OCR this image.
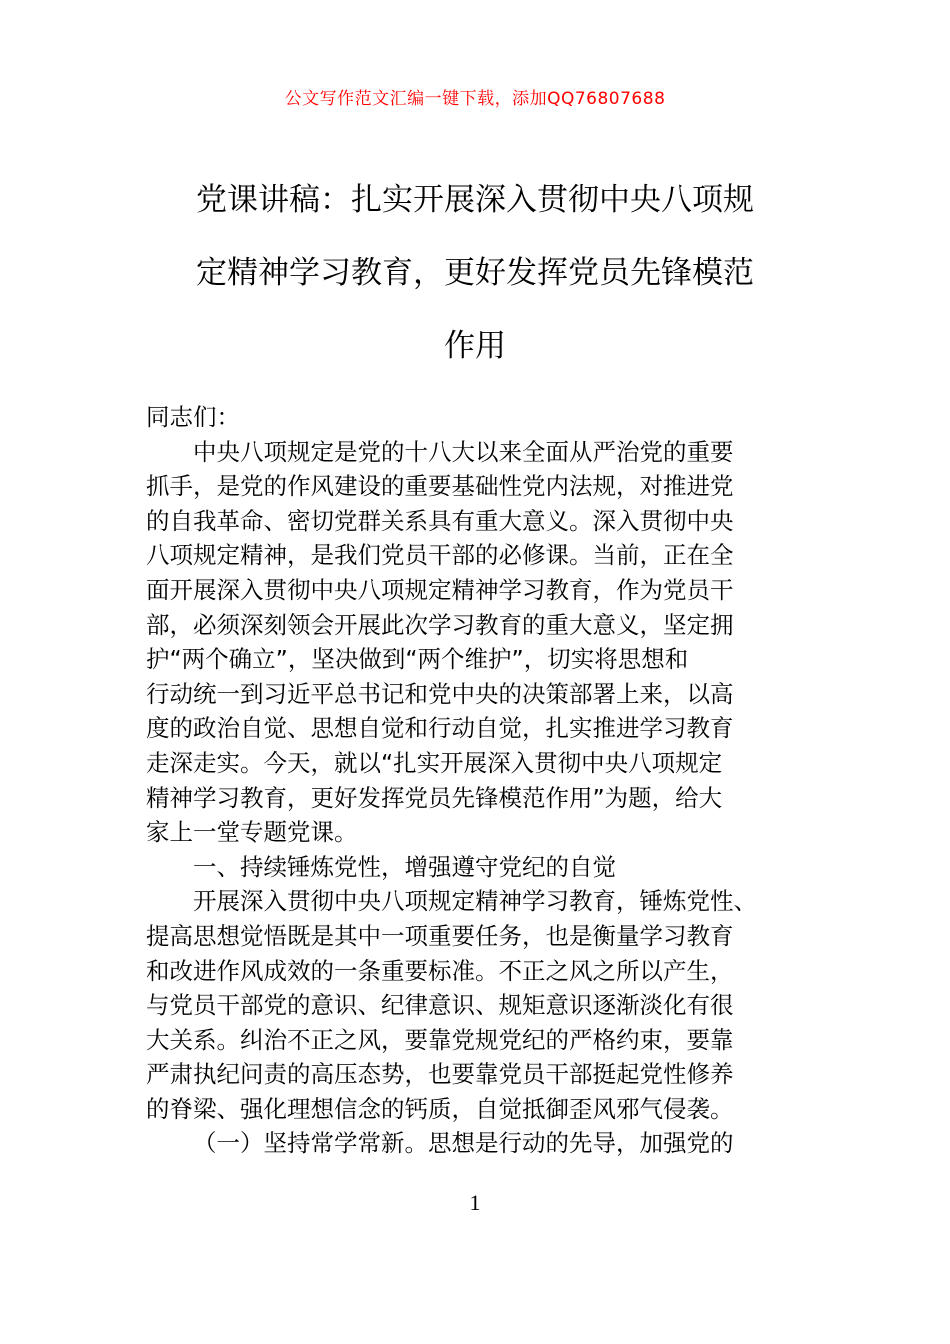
公文写作范文汇编一键下载，添加QQ76807688
党课讲稿：扎实开展深入贯彻中央八项规
定精神学习教育，更好发挥党员先锋模范
作用

同志们：

中央八项规定是党的十八大以来全面从严治党的重要
抓手，是党的作风建设的重要基础性党内法规，对推进党
的自我革命、密切党群关系具有重大意义。深入贯彻中央
八项规定精神，是我们党员干部的必修课。当前，正在全
面开展深入贯彻中央八项规定精神学习教育，作为党员干
部，必须深刻领会开展此次学习教育的重大意义，坚定拥
护“两个确立”，坚决做到“两个维护”，切实将思想和
行动统一到习近平总书记和党中央的决策部署上来，以高
度的政治自觉、思想自觉和行动自觉，扎实推进学习教育
走深走实。今天，就以“扎实开展深入贯彻中央八项规定
精神学习教育，更好发挥党员先锋模范作用”为题，给大
家上一堂专题党课。

一、持续锤炼党性，增强遵守党纪的自觉

开展深入贯彻中央八项规定精神学习教育，锤炼党性、
提高思想觉悟既是其中一项重要任务，也是衡量学习教育
和改进作风成效的一条重要标准。不正之风之所以产生，
与党员干部党的意识、纪律意识、规矩意识逐渐淡化有很
大关系。纠治不正之风，要靠党规党纪的严格约束，要靠
严肃执纪问责的高压态势，也要靠党员干部挺起党性修养
的脊梁、强化理想信念的钙质，自觉抵御歪风邪气侵袭。

（一）坚持常学常新。思想是行动的先导，加强党的

1
